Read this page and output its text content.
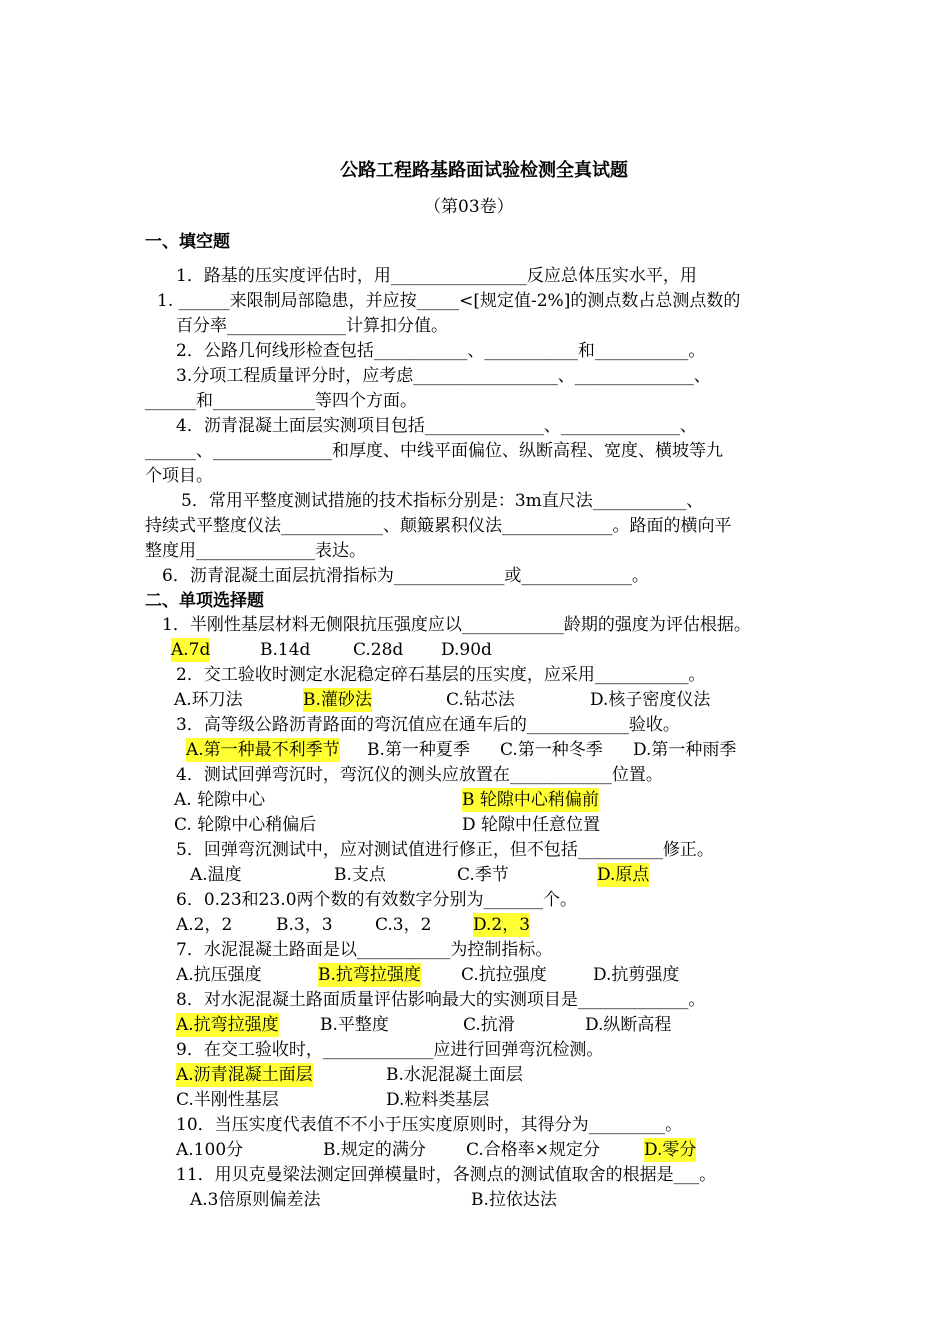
公路工程路基路面试验检测全真试题
（第03卷）
一、填空题
1．路基的压实度评估时，用________________反应总体压实水平，用
1. ______来限制局部隐患，并应按_____<[规定值-2%]的测点数占总测点数的
百分率______________计算扣分值。
2．公路几何线形检查包括___________、___________和___________。
3.分项工程质量评分时，应考虑_________________、______________、
______和____________等四个方面。
4．沥青混凝土面层实测项目包括______________、______________、
______、______________和厚度、中线平面偏位、纵断高程、宽度、横坡等九
个项目。
5．常用平整度测试措施的技术指标分别是：3m直尺法___________、
持续式平整度仪法____________、颠簸累积仪法_____________。路面的横向平
整度用______________表达。
6．沥青混凝土面层抗滑指标为_____________或_____________。
二、单项选择题
1．半刚性基层材料无侧限抗压强度应以____________龄期的强度为评估根据。
A.7d	B.14d	C.28d D.90d
2．交工验收时测定水泥稳定碎石基层的压实度，应采用___________。
A.环刀法	B.灌砂法	C.钻芯法	D.核子密度仪法
3．高等级公路沥青路面的弯沉值应在通车后的____________验收。
A.第一种最不利季节 B.第一种夏季 C.第一种冬季 D.第一种雨季
4．测试回弹弯沉时，弯沉仪的测头应放置在____________位置。
A. 轮隙中心	B 轮隙中心稍偏前
C. 轮隙中心稍偏后	D 轮隙中任意位置
5．回弹弯沉测试中，应对测试值进行修正，但不包括__________修正。
A.温度	B.支点	C.季节	D.原点
6．0.23和23.0两个数的有效数字分别为_______个。
A.2，2	B.3，3 C.3，2 D.2，3
7．水泥混凝土路面是以___________为控制指标。
A.抗压强度	B.抗弯拉强度 C.抗拉强度	D.抗剪强度
8．对水泥混凝土路面质量评估影响最大的实测项目是_____________。
A.抗弯拉强度 B.平整度	C.抗滑	D.纵断高程
9．在交工验收时，_____________应进行回弹弯沉检测。
A.沥青混凝土面层	B.水泥混凝土面层
C.半刚性基层	D.粒料类基层
10．当压实度代表值不不小于压实度原则时，其得分为_________。
A.100分	B.规定的满分 C.合格率×规定分	D.零分
11．用贝克曼梁法测定回弹模量时，各测点的测试值取舍的根据是___。
A.3倍原则偏差法	B.拉依达法
